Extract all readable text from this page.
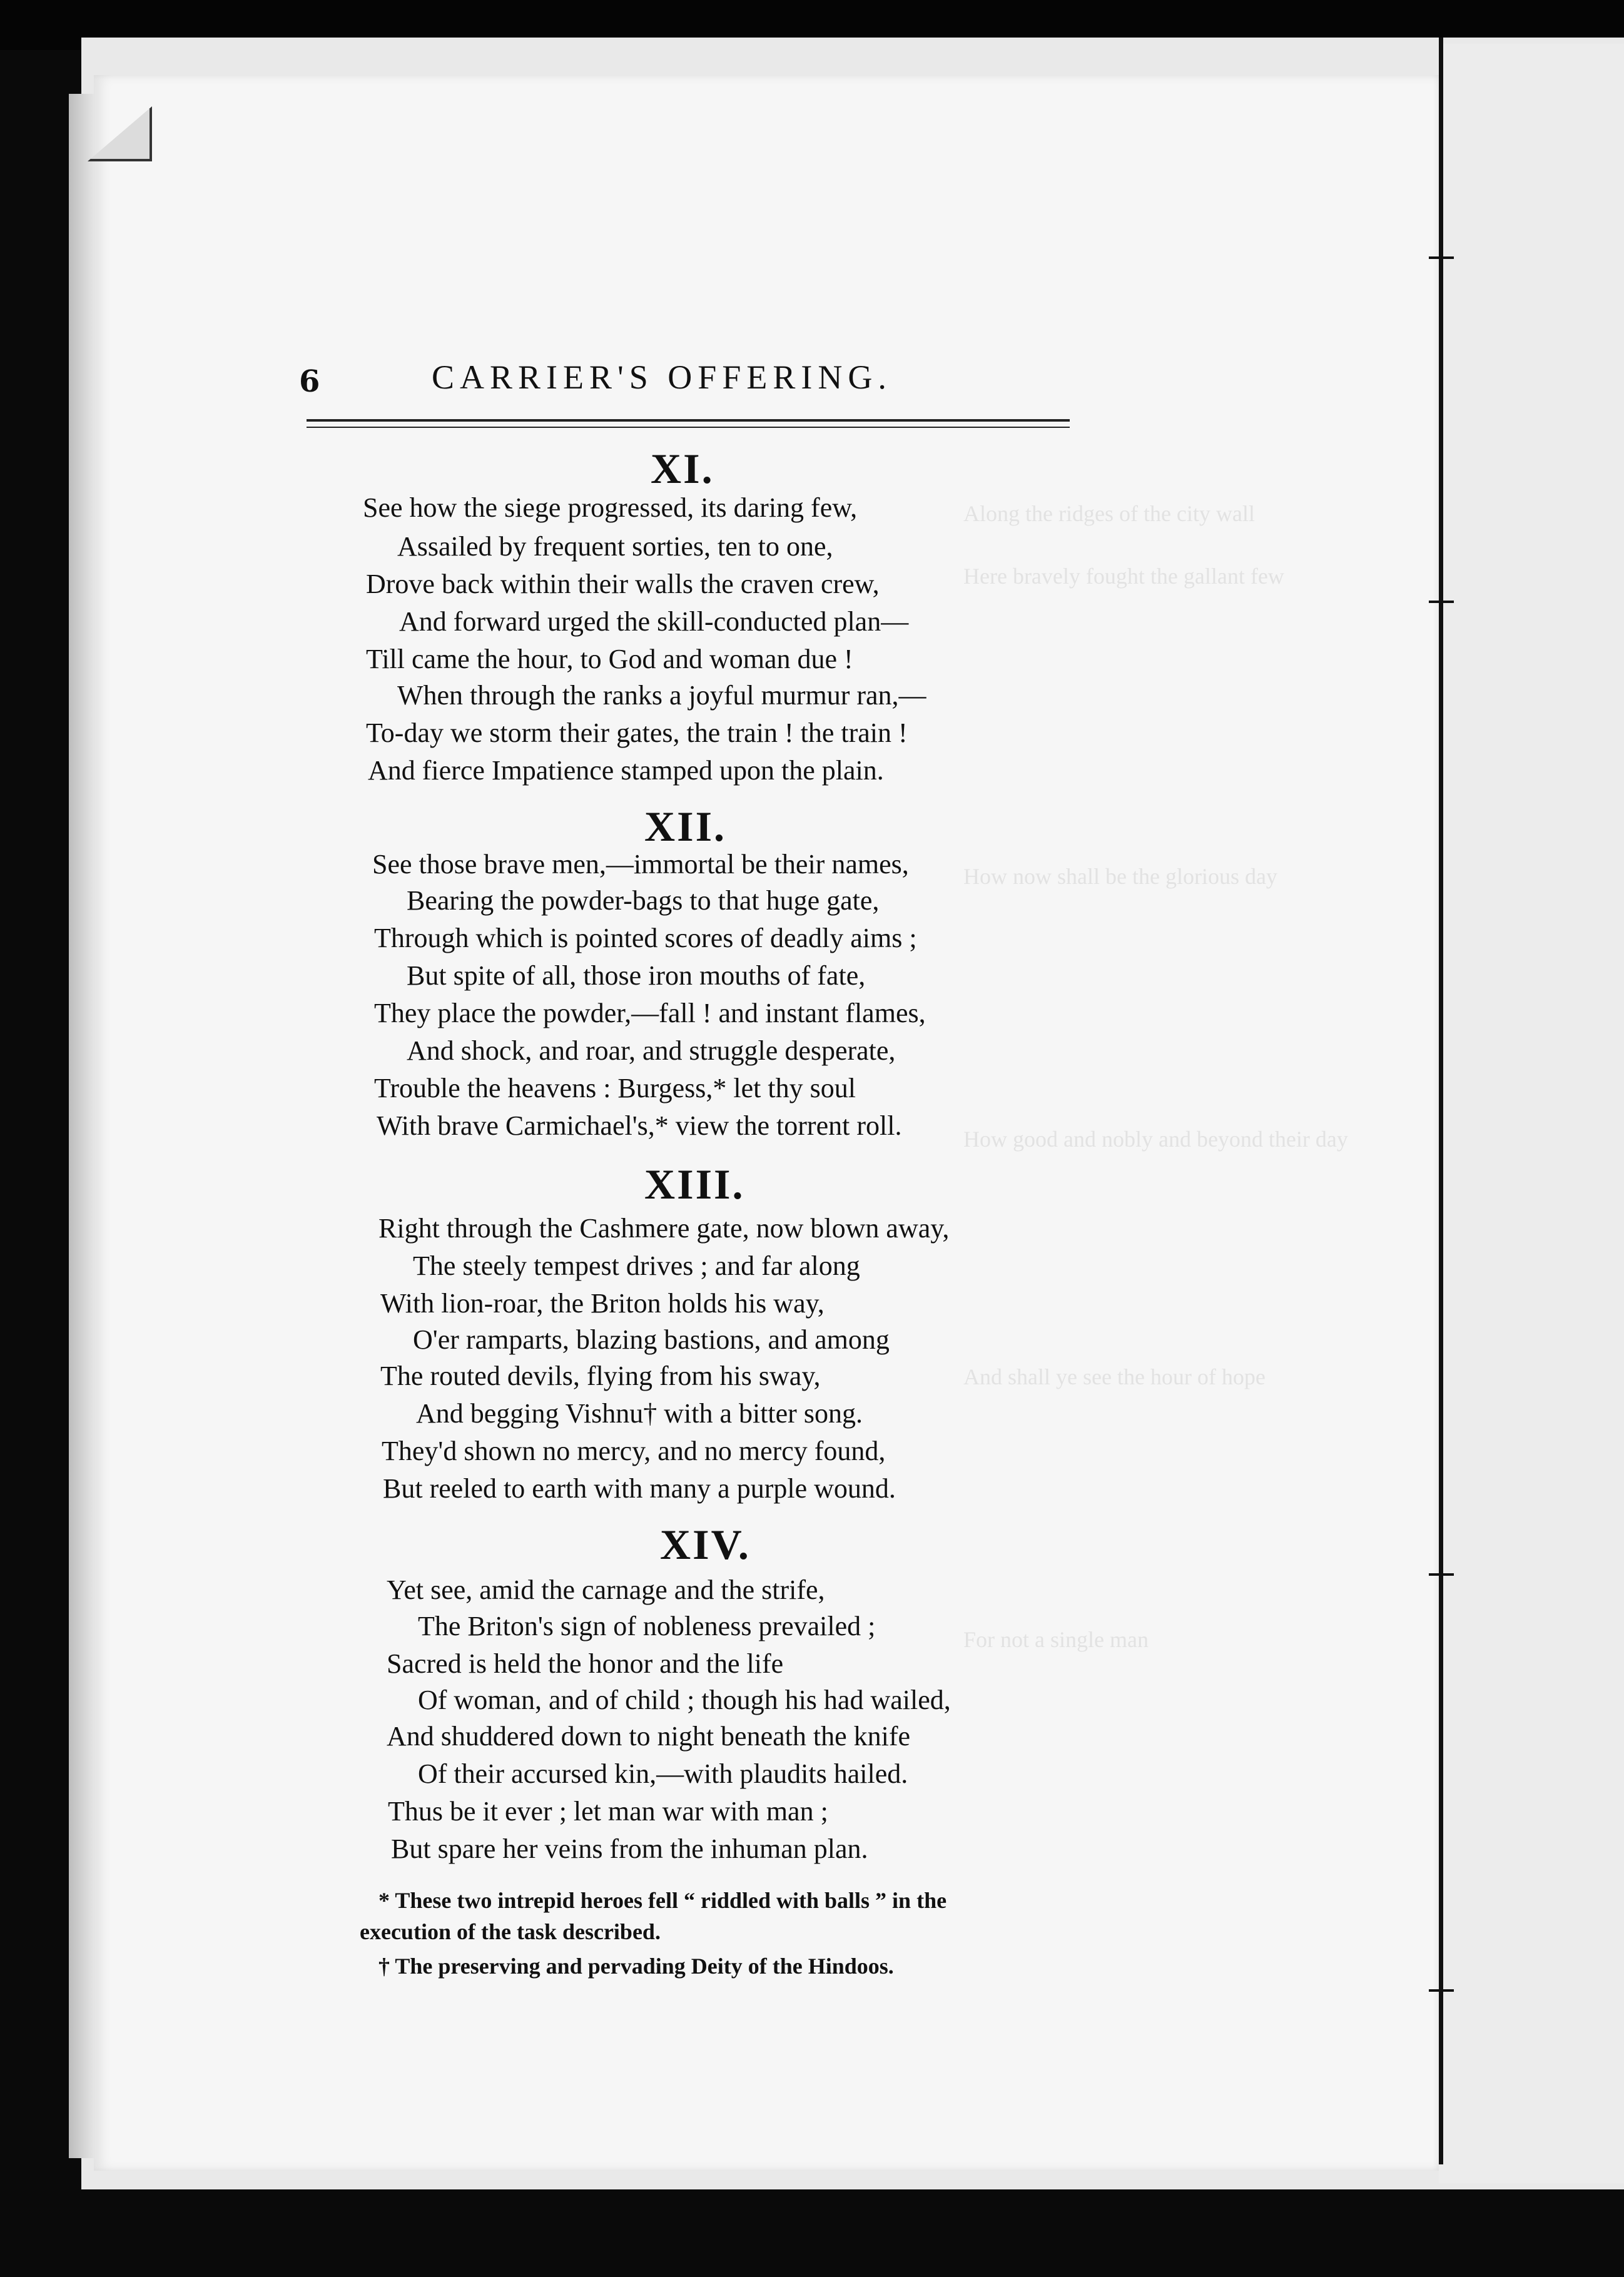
Along the ridges of the city wall
Here bravely fought the gallant few
How now shall be the glorious day
How good and nobly and beyond their day
And shall ye see the hour of hope
For not a single man
6	CARRIER'S OFFERING.
XI.
See how the siege progressed, its daring few,
Assailed by frequent sorties, ten to one,
Drove back within their walls the craven crew,
And forward urged the skill-conducted plan—
Till came the hour, to God and woman due !
When through the ranks a joyful murmur ran,—
To-day we storm their gates, the train ! the train !
And fierce Impatience stamped upon the plain.
XII.
See those brave men,—immortal be their names,
Bearing the powder-bags to that huge gate,
Through which is pointed scores of deadly aims ;
But spite of all, those iron mouths of fate,
They place the powder,—fall ! and instant flames,
And shock, and roar, and struggle desperate,
Trouble the heavens : Burgess,* let thy soul
With brave Carmichael's,* view the torrent roll.
XIII.
Right through the Cashmere gate, now blown away,
The steely tempest drives ; and far along
With lion-roar, the Briton holds his way,
O'er ramparts, blazing bastions, and among
The routed devils, flying from his sway,
And begging Vishnu† with a bitter song.
They'd shown no mercy, and no mercy found,
But reeled to earth with many a purple wound.
XIV.
Yet see, amid the carnage and the strife,
The Briton's sign of nobleness prevailed ;
Sacred is held the honor and the life
Of woman, and of child ; though his had wailed,
And shuddered down to night beneath the knife
Of their accursed kin,—with plaudits hailed.
Thus be it ever ; let man war with man ;
But spare her veins from the inhuman plan.
* These two intrepid heroes fell “ riddled with balls ” in the
execution of the task described.
† The preserving and pervading Deity of the Hindoos.
